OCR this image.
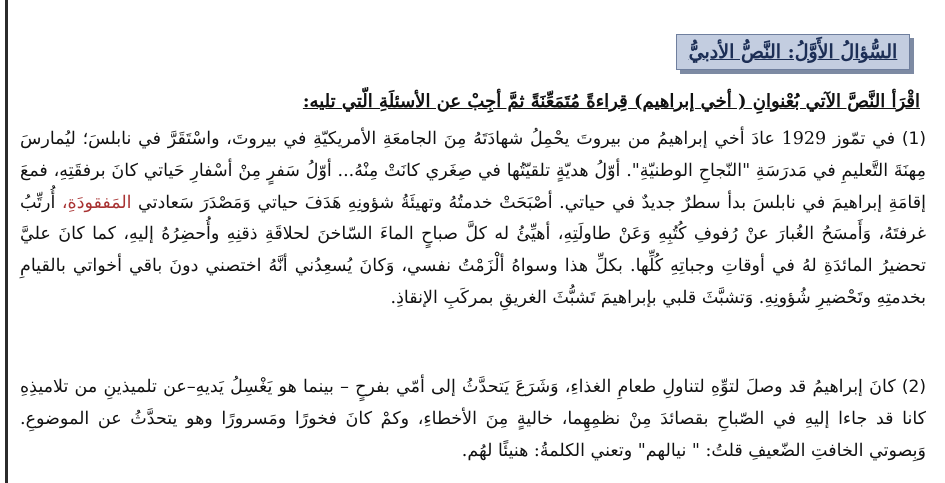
السُّؤالُ الأَوَّلُ: النَّصُّ الأدبيُّ
اقْرَأ النَّصَّ الآتي بُعْنوانِ ( أخي إبراهيم) قِراءةً مُتَمَعِّنَةً ثمَّ أجِبْ عن الأسئلَةِ الّتي تليه:

(1) في تمّوز 1929 عادَ أخي إبراهيمُ من بيروتَ يحْمِلُ شهادَتَهُ مِنَ الجامعَةِ الأمريكيّةِ في بيروتَ، واسْتَقَرَّ في نابلسَ؛ ليُمارسَ مِهنَةَ التَّعليمِ في مَدرَسَةِ "النّجاحِ الوطنيّةِ". أوّلُ هديّةٍ تلقيّتُها في صِغَري كانَتْ مِنْهُ... أوّلُ سَفرٍ مِنْ أسْفارِ حَياتي كانَ برفقَتِهِ، فمعَ إقامَةِ إبراهيمَ في نابلسَ بدأ سطرٌ جديدٌ في حياتي. أصْبَحَتْ خدمتُهُ وتهيئَةُ شؤونِهِ هَدَفَ حياتي وَمَصْدَرَ سَعادتي المَفقودَةِ، أُرتِّبُ غرفتَهُ، وَأَمسَحُ الغُبارَ عنْ رُفوفِ كُتُبِهِ وَعَنْ طاولَتِهِ، أهيِّئُ له كلَّ صباحٍ الماءَ السّاخنَ لحلاقَةِ ذقنِهِ وأُحضِرُهُ إليهِ، كما كانَ عليَّ تحضيرُ المائدَةِ لهُ في أوقاتِ وجباتِهِ كُلِّها. بكلِّ هذا وسواهُ ألْزَمْتُ نفسي، وَكانَ يُسعِدُني أنَّهُ اختصني دونَ باقي أخواتي بالقيامِ بخدمتِهِ وتَحْضيرِ شُؤونِهِ. وَتشبَّثَ قلبي بإبراهيمَ تَشبُّثَ الغريقِ بمركَبِ الإنقاذِ.

(2) كانَ إبراهيمُ قد وصلَ لتوِّهِ لتناولِ طعامِ الغذاءِ، وَشَرَعَ يَتحدَّثُ إلى أمّي بفرحٍ – بينما هو يَغْسِلُ يَديهِ–عن تلميذينِ من تلاميذِهِ كانا قد جاءا إليهِ في الصّباحِ بقصائدَ مِنْ نظمِهِما، خاليةٍ مِنَ الأخطاءِ، وكمْ كانَ فخورًا ومَسرورًا وهو يتحدَّثُ عن الموضوعِ. وَبِصوتي الخافتِ الضّعيفِ قلتُ: " نيالهم" وتعني الكلمةُ: هنيئًا لهُم.
